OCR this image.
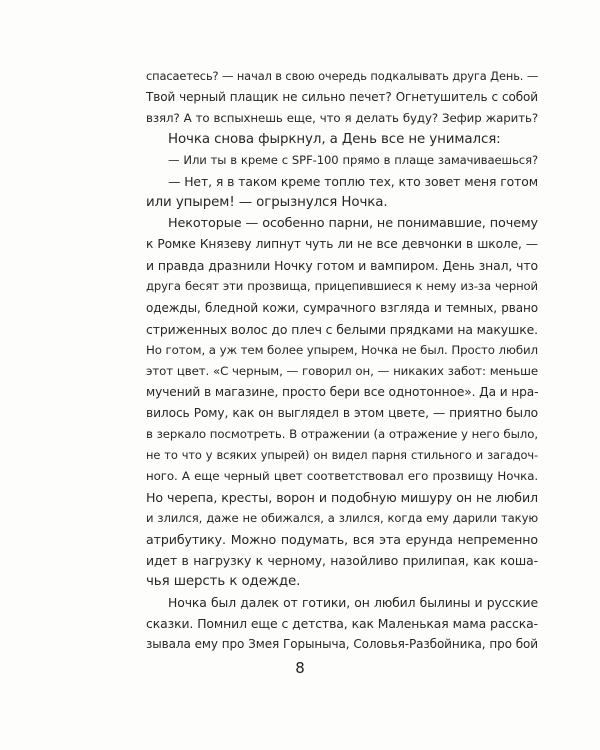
спасаетесь? — начал в свою очередь подкалывать друга День. —
Твой черный плащик не сильно печет? Огнетушитель с собой
взял? А то вспыхнешь еще, что я делать буду? Зефир жарить?
Ночка снова фыркнул, а День все не унимался:
— Или ты в креме с SPF-100 прямо в плаще замачиваешься?
— Нет, я в таком креме топлю тех, кто зовет меня готом
или упырем! — огрызнулся Ночка.
Некоторые — особенно парни, не понимавшие, почему
к Ромке Князеву липнут чуть ли не все девчонки в школе, —
и правда дразнили Ночку готом и вампиром. День знал, что
друга бесят эти прозвища, прицепившиеся к нему из-за черной
одежды, бледной кожи, сумрачного взгляда и темных, рвано
стриженных волос до плеч с белыми прядками на макушке.
Но готом, а уж тем более упырем, Ночка не был. Просто любил
этот цвет. «С черным, — говорил он, — никаких забот: меньше
мучений в магазине, просто бери все однотонное». Да и нра-
вилось Рому, как он выглядел в этом цвете, — приятно было
в зеркало посмотреть. В отражении (а отражение у него было,
не то что у всяких упырей) он видел парня стильного и загадоч-
ного. А еще черный цвет соответствовал его прозвищу Ночка.
Но черепа, кресты, ворон и подобную мишуру он не любил
и злился, даже не обижался, а злился, когда ему дарили такую
атрибутику. Можно подумать, вся эта ерунда непременно
идет в нагрузку к черному, назойливо прилипая, как коша-
чья шерсть к одежде.
Ночка был далек от готики, он любил былины и русские
сказки. Помнил еще с детства, как Маленькая мама расска-
зывала ему про Змея Горыныча, Соловья-Разбойника, про бой
8
